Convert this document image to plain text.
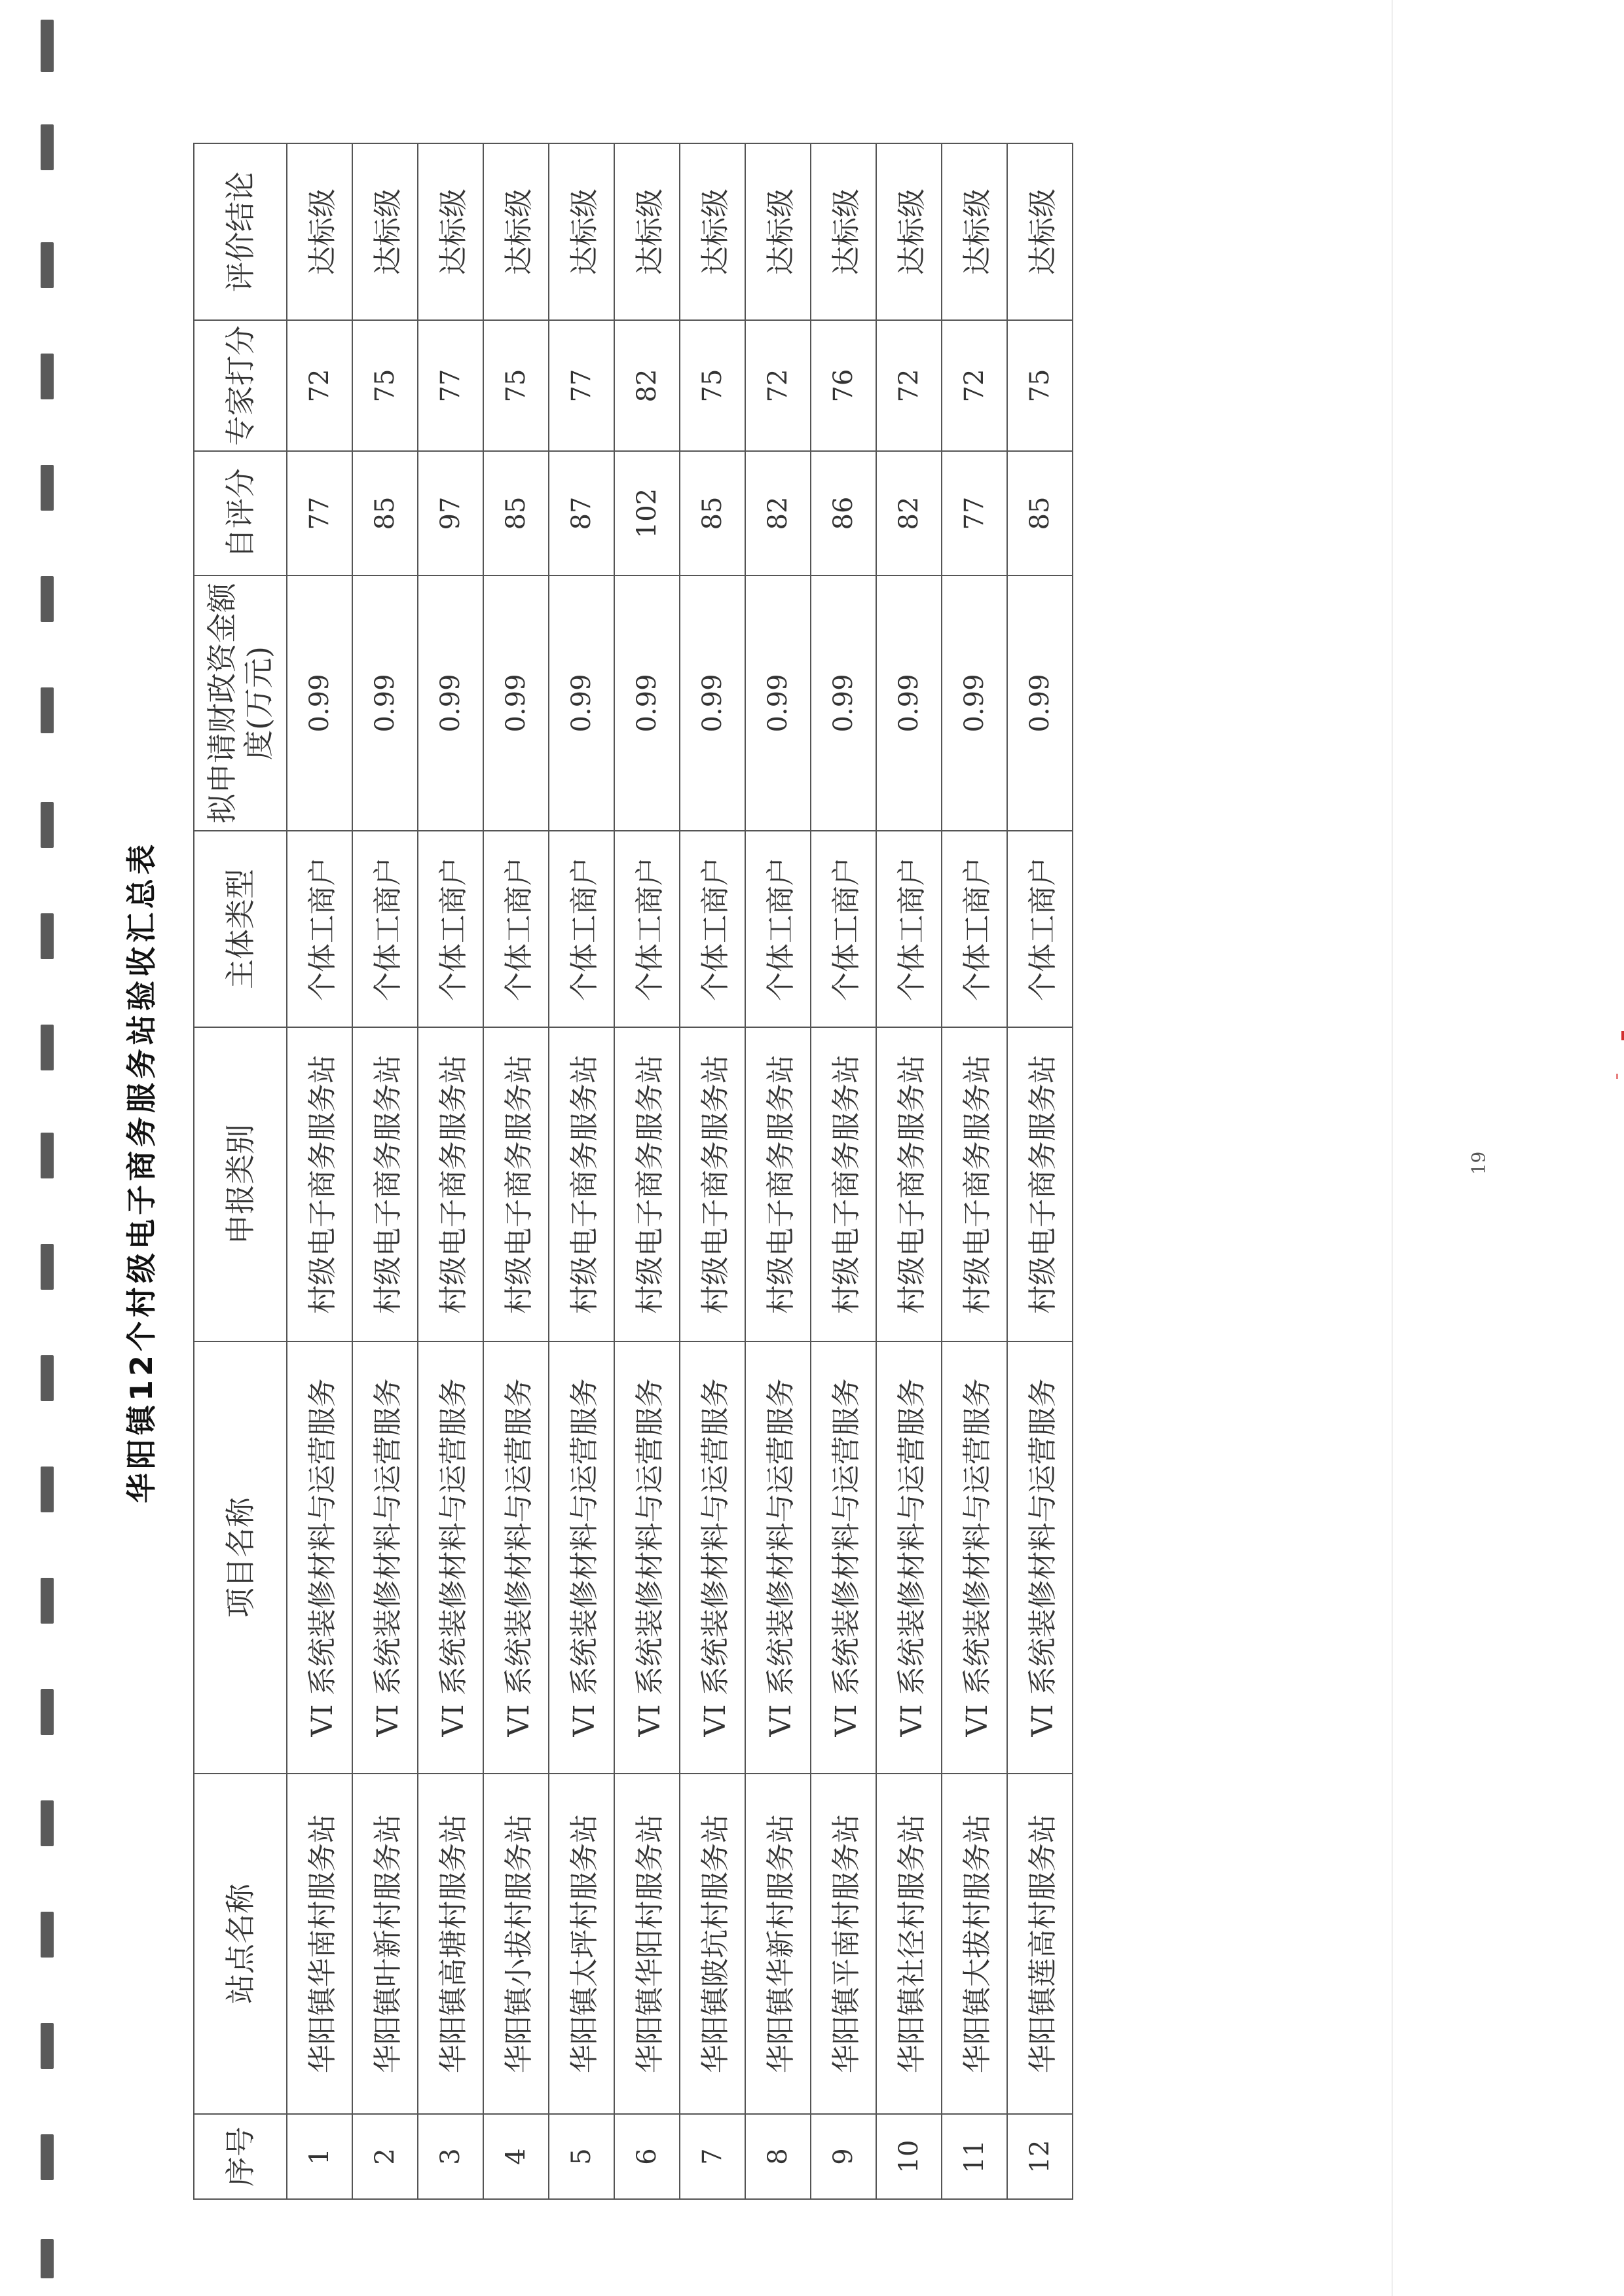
华阳镇12个村级电子商务服务站验收汇总表
序号	站点名称	项目名称	申报类别	主体类型	拟申请财政资金额度(万元)	自评分	专家打分	评价结论
1	华阳镇华南村服务站	VI 系统装修材料与运营服务	村级电子商务服务站	个体工商户	0.99	77	72	达标级
2	华阳镇叶新村服务站	VI 系统装修材料与运营服务	村级电子商务服务站	个体工商户	0.99	85	75	达标级
3	华阳镇高塘村服务站	VI 系统装修材料与运营服务	村级电子商务服务站	个体工商户	0.99	97	77	达标级
4	华阳镇小拔村服务站	VI 系统装修材料与运营服务	村级电子商务服务站	个体工商户	0.99	85	75	达标级
5	华阳镇太坪村服务站	VI 系统装修材料与运营服务	村级电子商务服务站	个体工商户	0.99	87	77	达标级
6	华阳镇华阳村服务站	VI 系统装修材料与运营服务	村级电子商务服务站	个体工商户	0.99	102	82	达标级
7	华阳镇陂坑村服务站	VI 系统装修材料与运营服务	村级电子商务服务站	个体工商户	0.99	85	75	达标级
8	华阳镇华新村服务站	VI 系统装修材料与运营服务	村级电子商务服务站	个体工商户	0.99	82	72	达标级
9	华阳镇平南村服务站	VI 系统装修材料与运营服务	村级电子商务服务站	个体工商户	0.99	86	76	达标级
10	华阳镇社径村服务站	VI 系统装修材料与运营服务	村级电子商务服务站	个体工商户	0.99	82	72	达标级
11	华阳镇大拔村服务站	VI 系统装修材料与运营服务	村级电子商务服务站	个体工商户	0.99	77	72	达标级
12	华阳镇莲高村服务站	VI 系统装修材料与运营服务	村级电子商务服务站	个体工商户	0.99	85	75	达标级
19
